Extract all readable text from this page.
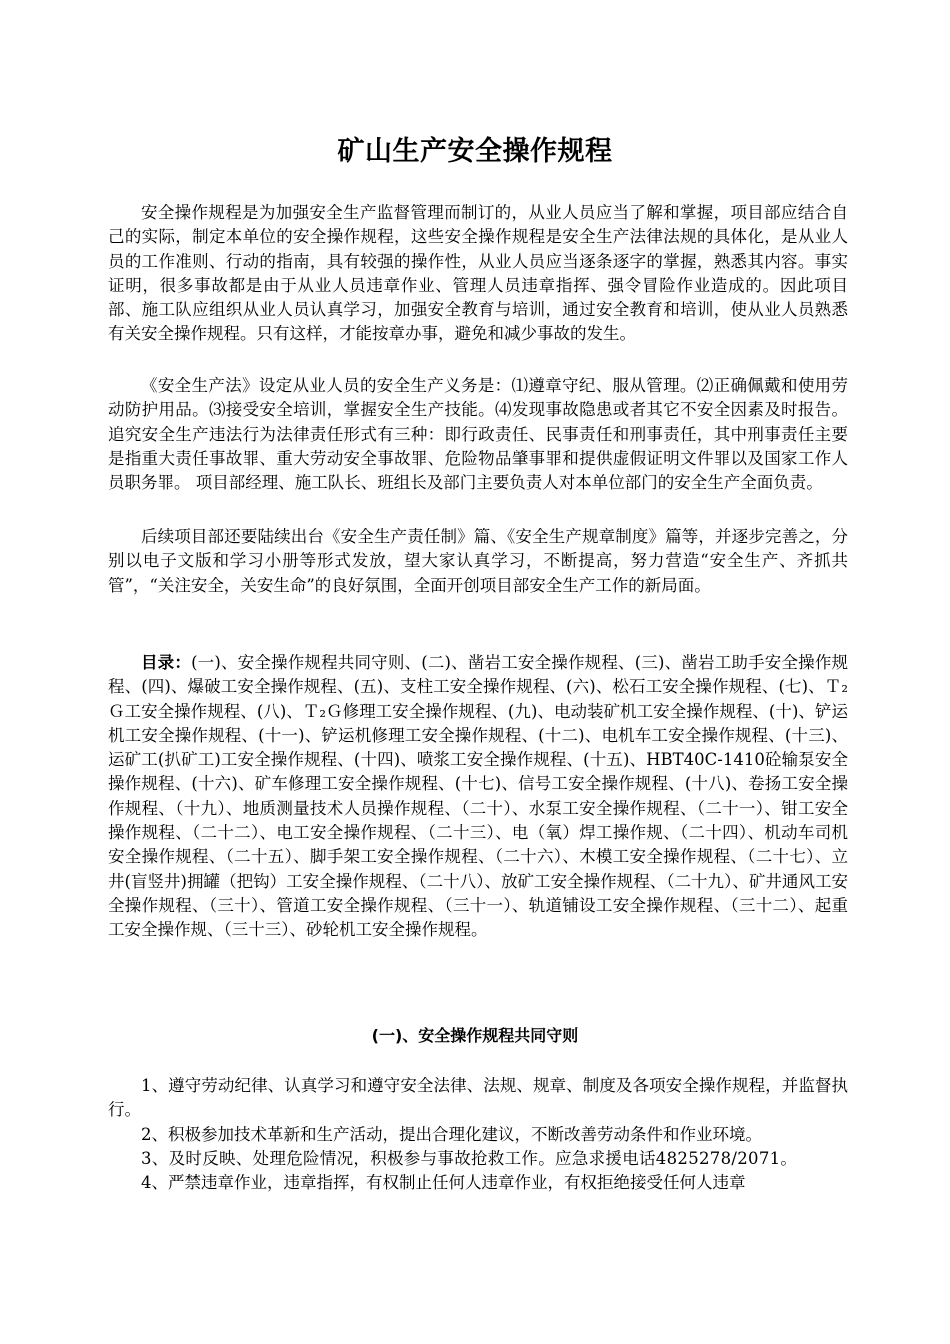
矿山生产安全操作规程

安全操作规程是为加强安全生产监督管理而制订的，从业人员应当了解和掌握，项目部应结合自己的实际，制定本单位的安全操作规程，这些安全操作规程是安全生产法律法规的具体化，是从业人员的工作准则、行动的指南，具有较强的操作性，从业人员应当逐条逐字的掌握，熟悉其内容。事实证明，很多事故都是由于从业人员违章作业、管理人员违章指挥、强令冒险作业造成的。因此项目部、施工队应组织从业人员认真学习，加强安全教育与培训，通过安全教育和培训，使从业人员熟悉有关安全操作规程。只有这样，才能按章办事，避免和减少事故的发生。

《安全生产法》设定从业人员的安全生产义务是：⑴遵章守纪、服从管理。⑵正确佩戴和使用劳动防护用品。⑶接受安全培训，掌握安全生产技能。⑷发现事故隐患或者其它不安全因素及时报告。追究安全生产违法行为法律责任形式有三种：即行政责任、民事责任和刑事责任，其中刑事责任主要是指重大责任事故罪、重大劳动安全事故罪、危险物品肇事罪和提供虚假证明文件罪以及国家工作人员职务罪。 项目部经理、施工队长、班组长及部门主要负责人对本单位部门的安全生产全面负责。

后续项目部还要陆续出台《安全生产责任制》篇、《安全生产规章制度》篇等，并逐步完善之，分别以电子文版和学习小册等形式发放，望大家认真学习，不断提高，努力营造“安全生产、齐抓共管”，“关注安全，关安生命”的良好氛围，全面开创项目部安全生产工作的新局面。

目录：(一)、安全操作规程共同守则、(二)、凿岩工安全操作规程、(三)、凿岩工助手安全操作规程、(四)、爆破工安全操作规程、(五)、支柱工安全操作规程、(六)、松石工安全操作规程、(七)、Ｔ₂Ｇ工安全操作规程、(八)、Ｔ₂Ｇ修理工安全操作规程、(九)、电动装矿机工安全操作规程、(十)、铲运机工安全操作规程、(十一)、铲运机修理工安全操作规程、(十二)、电机车工安全操作规程、(十三)、运矿工(扒矿工)工安全操作规程、(十四)、喷浆工安全操作规程、(十五)、HBT40C-1410砼输泵安全操作规程、(十六)、矿车修理工安全操作规程、(十七)、信号工安全操作规程、(十八)、卷扬工安全操作规程、（十九）、地质测量技术人员操作规程、（二十）、水泵工安全操作规程、（二十一）、钳工安全操作规程、（二十二）、电工安全操作规程、（二十三）、电（氧）焊工操作规、（二十四）、机动车司机安全操作规程、（二十五）、脚手架工安全操作规程、（二十六）、木模工安全操作规程、（二十七）、立井(盲竖井)拥罐（把钩）工安全操作规程、（二十八）、放矿工安全操作规程、（二十九）、矿井通风工安全操作规程、（三十）、管道工安全操作规程、（三十一）、轨道铺设工安全操作规程、（三十二）、起重工安全操作规、（三十三）、砂轮机工安全操作规程。

(一)、安全操作规程共同守则

1、遵守劳动纪律、认真学习和遵守安全法律、法规、规章、制度及各项安全操作规程，并监督执行。

2、积极参加技术革新和生产活动，提出合理化建议，不断改善劳动条件和作业环境。

3、及时反映、处理危险情况，积极参与事故抢救工作。应急求援电话4825278/2071。

4、严禁违章作业，违章指挥，有权制止任何人违章作业，有权拒绝接受任何人违章
